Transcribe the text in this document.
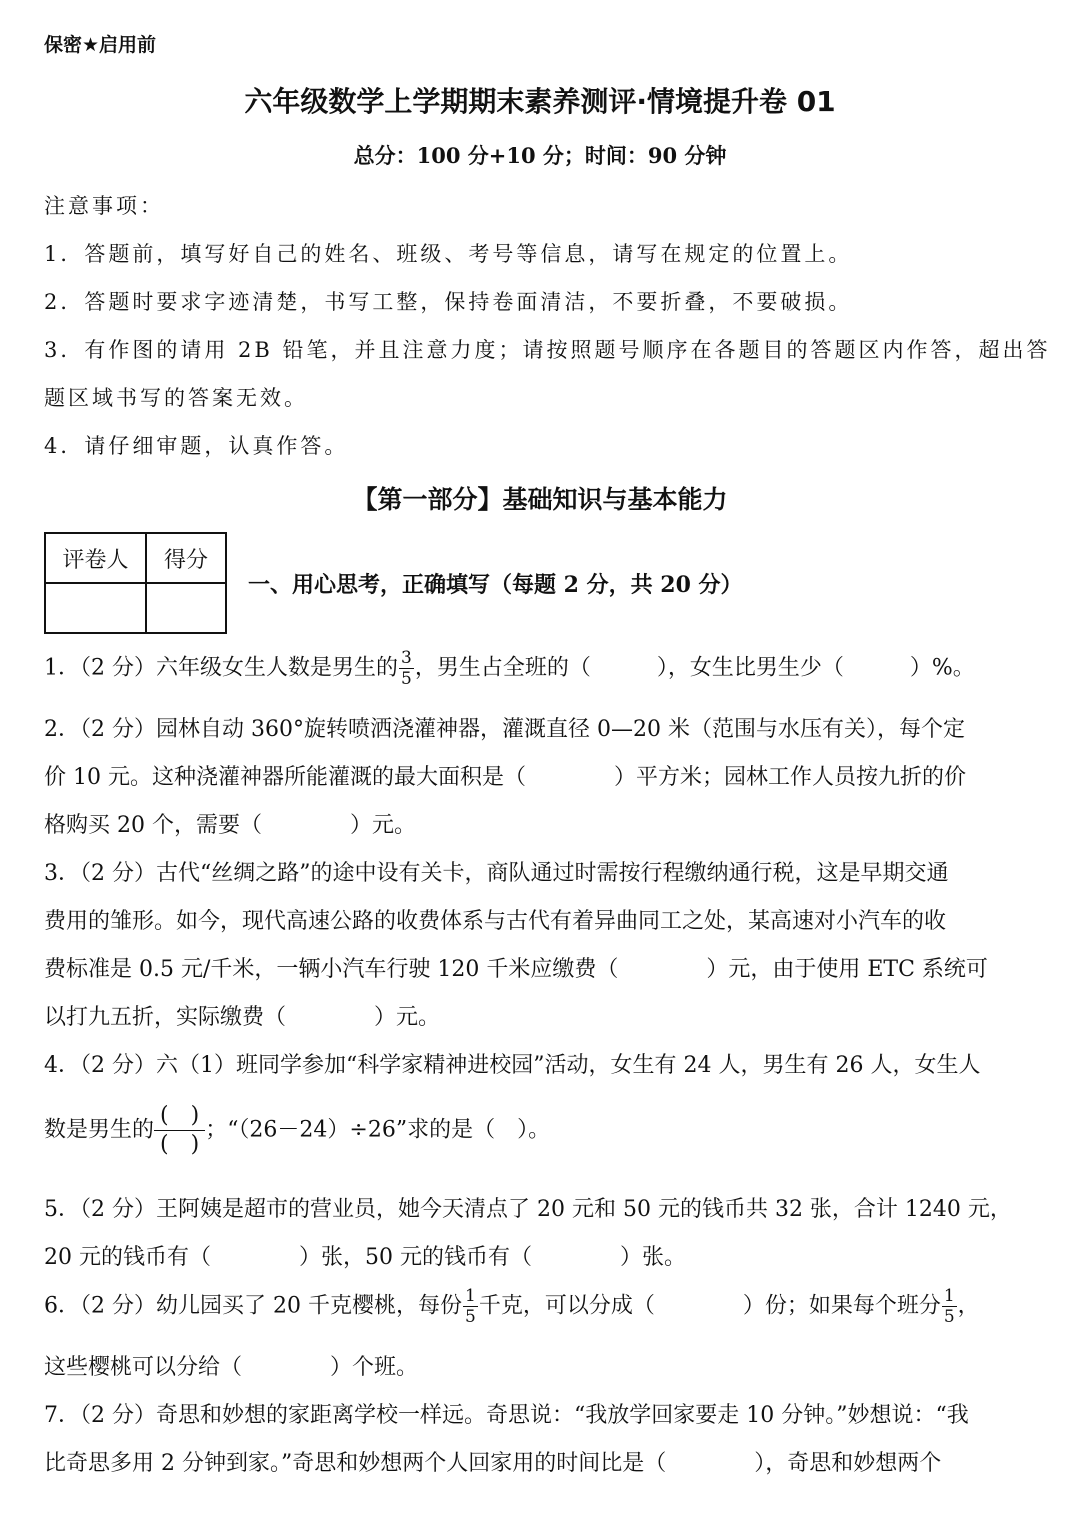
保密★启用前
六年级数学上学期期末素养测评·情境提升卷 01
总分：100 分+10 分；时间：90 分钟
注意事项：
1．答题前，填写好自己的姓名、班级、考号等信息，请写在规定的位置上。
2．答题时要求字迹清楚，书写工整，保持卷面清洁，不要折叠，不要破损。
3．有作图的请用 2B 铅笔，并且注意力度；请按照题号顺序在各题目的答题区内作答，超出答
题区域书写的答案无效。
4．请仔细审题，认真作答。
【第一部分】基础知识与基本能力
评卷人	得分

一、用心思考，正确填写（每题 2 分，共 20 分）
1．（2 分）六年级女生人数是男生的 $\frac{3}{5}$ ，男生占全班的（　　　），女生比男生少（　　　）%。
2．（2 分）园林自动 360°旋转喷洒浇灌神器，灌溉直径 0—20 米（范围与水压有关），每个定
价 10 元。这种浇灌神器所能灌溉的最大面积是（　　　　）平方米；园林工作人员按九折的价
格购买 20 个，需要（　　　　）元。
3．（2 分）古代“丝绸之路”的途中设有关卡，商队通过时需按行程缴纳通行税，这是早期交通
费用的雏形。如今，现代高速公路的收费体系与古代有着异曲同工之处，某高速对小汽车的收
费标准是 0.5 元/千米，一辆小汽车行驶 120 千米应缴费（　　　　）元，由于使用 ETC 系统可
以打九五折，实际缴费（　　　　）元。
4．（2 分）六（1）班同学参加“科学家精神进校园”活动，女生有 24 人，男生有 26 人，女生人
数是男生的 $\frac{( )}{( )}$ ；“（26－24）÷26”求的是（　）。
5．（2 分）王阿姨是超市的营业员，她今天清点了 20 元和 50 元的钱币共 32 张，合计 1240 元，
20 元的钱币有（　　　　）张，50 元的钱币有（　　　　）张。
6．（2 分）幼儿园买了 20 千克樱桃，每份 $\frac{1}{5}$ 千克，可以分成（　　　　）份；如果每个班分 $\frac{1}{5}$ ，
这些樱桃可以分给（　　　　）个班。
7．（2 分）奇思和妙想的家距离学校一样远。奇思说：“我放学回家要走 10 分钟。”妙想说：“我
比奇思多用 2 分钟到家。”奇思和妙想两个人回家用的时间比是（　　　　），奇思和妙想两个
